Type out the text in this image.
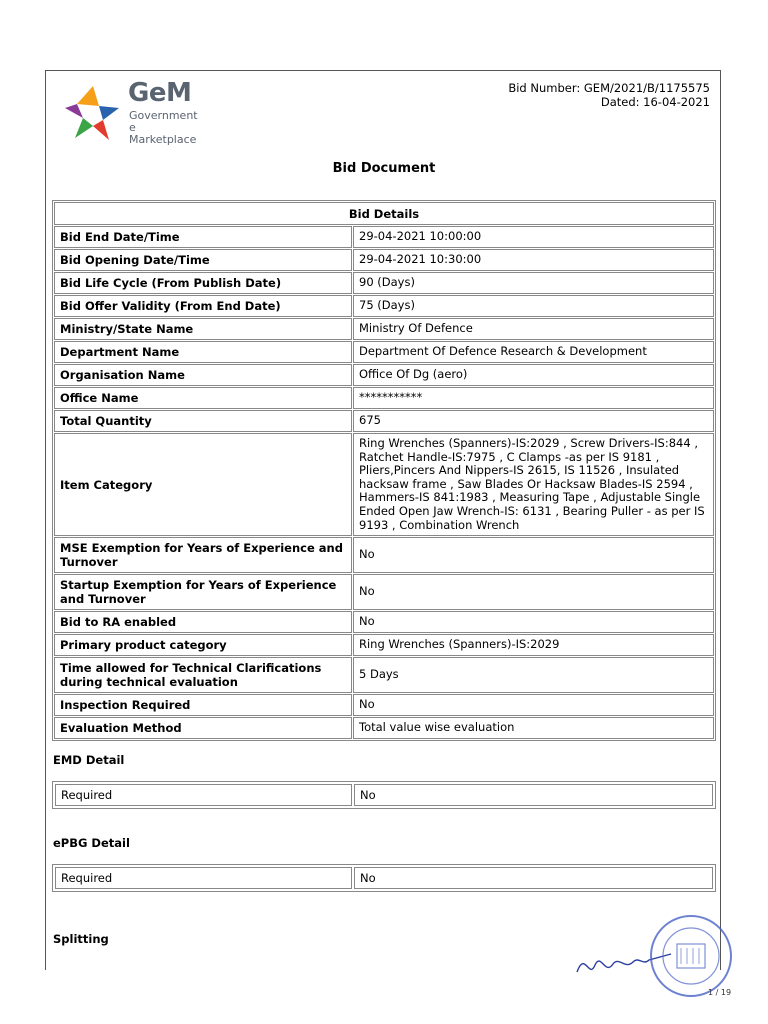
GeM
Government
e Marketplace
Bid Number: GEM/2021/B/1175575
Dated: 16-04-2021
Bid Document
Bid Details	
Bid End Date/Time	29-04-2021 10:00:00
Bid Opening Date/Time	29-04-2021 10:30:00
Bid Life Cycle (From Publish Date)	90 (Days)
Bid Offer Validity (From End Date)	75 (Days)
Ministry/State Name	Ministry Of Defence
Department Name	Department Of Defence Research & Development
Organisation Name	Office Of Dg (aero)
Office Name	***********
Total Quantity	675
Item Category	Ring Wrenches (Spanners)-IS:2029 , Screw Drivers-IS:844 , Ratchet Handle-IS:7975 , C Clamps -as per IS 9181 , Pliers,Pincers And Nippers-IS 2615, IS 11526 , Insulated hacksaw frame , Saw Blades Or Hacksaw Blades-IS 2594 , Hammers-IS 841:1983 , Measuring Tape , Adjustable Single Ended Open Jaw Wrench-IS: 6131 , Bearing Puller - as per IS 9193 , Combination Wrench
MSE Exemption for Years of Experience and Turnover	No
Startup Exemption for Years of Experience and Turnover	No
Bid to RA enabled	No
Primary product category	Ring Wrenches (Spanners)-IS:2029
Time allowed for Technical Clarifications during technical evaluation	5 Days
Inspection Required	No
Evaluation Method	Total value wise evaluation
EMD Detail
Required	No
ePBG Detail
Required	No
Splitting
1 / 19
